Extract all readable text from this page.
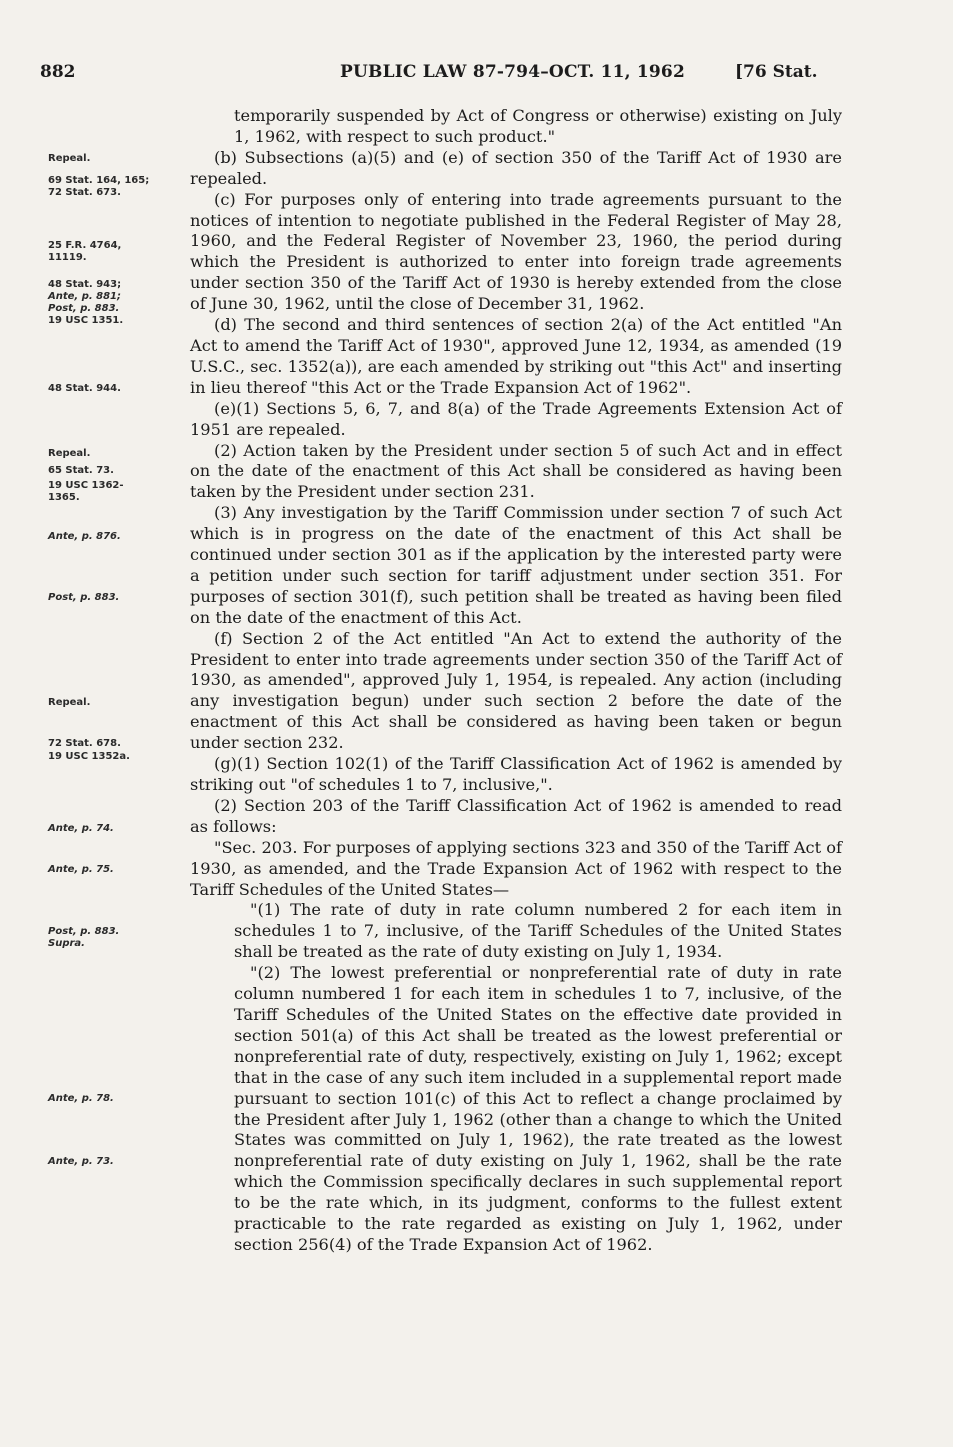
882	PUBLIC LAW 87-794–OCT. 11, 1962	[76 Stat.
Repeal.
69 Stat. 164, 165;
72 Stat. 673.
25 F.R. 4764,
11119.
48 Stat. 943;
Ante, p. 881;
Post, p. 883.
19 USC 1351.
48 Stat. 944.
Repeal.
65 Stat. 73.
19 USC 1362-
1365.
Ante, p. 876.
Post, p. 883.
Repeal.
72 Stat. 678.
19 USC 1352a.
Ante, p. 74.
Ante, p. 75.
Post, p. 883.
Supra.
Ante, p. 78.
Ante, p. 73.

temporarily suspended by Act of Congress or otherwise) existing on July 1, 1962, with respect to such product."

(b) Subsections (a)(5) and (e) of section 350 of the Tariff Act of 1930 are repealed.

(c) For purposes only of entering into trade agreements pursuant to the notices of intention to negotiate published in the Federal Register of May 28, 1960, and the Federal Register of November 23, 1960, the period during which the President is authorized to enter into foreign trade agreements under section 350 of the Tariff Act of 1930 is hereby extended from the close of June 30, 1962, until the close of December 31, 1962.

(d) The second and third sentences of section 2(a) of the Act entitled "An Act to amend the Tariff Act of 1930", approved June 12, 1934, as amended (19 U.S.C., sec. 1352(a)), are each amended by striking out "this Act" and inserting in lieu thereof "this Act or the Trade Expansion Act of 1962".

(e)(1) Sections 5, 6, 7, and 8(a) of the Trade Agreements Extension Act of 1951 are repealed.

(2) Action taken by the President under section 5 of such Act and in effect on the date of the enactment of this Act shall be considered as having been taken by the President under section 231.

(3) Any investigation by the Tariff Commission under section 7 of such Act which is in progress on the date of the enactment of this Act shall be continued under section 301 as if the application by the interested party were a petition under such section for tariff adjustment under section 351. For purposes of section 301(f), such petition shall be treated as having been filed on the date of the enactment of this Act.

(f) Section 2 of the Act entitled "An Act to extend the authority of the President to enter into trade agreements under section 350 of the Tariff Act of 1930, as amended", approved July 1, 1954, is repealed. Any action (including any investigation begun) under such section 2 before the date of the enactment of this Act shall be considered as having been taken or begun under section 232.

(g)(1) Section 102(1) of the Tariff Classification Act of 1962 is amended by striking out "of schedules 1 to 7, inclusive,".

(2) Section 203 of the Tariff Classification Act of 1962 is amended to read as follows:

"Sec. 203. For purposes of applying sections 323 and 350 of the Tariff Act of 1930, as amended, and the Trade Expansion Act of 1962 with respect to the Tariff Schedules of the United States—

"(1) The rate of duty in rate column numbered 2 for each item in schedules 1 to 7, inclusive, of the Tariff Schedules of the United States shall be treated as the rate of duty existing on July 1, 1934.

"(2) The lowest preferential or nonpreferential rate of duty in rate column numbered 1 for each item in schedules 1 to 7, inclusive, of the Tariff Schedules of the United States on the effective date provided in section 501(a) of this Act shall be treated as the lowest preferential or nonpreferential rate of duty, respectively, existing on July 1, 1962; except that in the case of any such item included in a supplemental report made pursuant to section 101(c) of this Act to reflect a change proclaimed by the President after July 1, 1962 (other than a change to which the United States was committed on July 1, 1962), the rate treated as the lowest nonpreferential rate of duty existing on July 1, 1962, shall be the rate which the Commission specifically declares in such supplemental report to be the rate which, in its judgment, conforms to the fullest extent practicable to the rate regarded as existing on July 1, 1962, under section 256(4) of the Trade Expansion Act of 1962.
